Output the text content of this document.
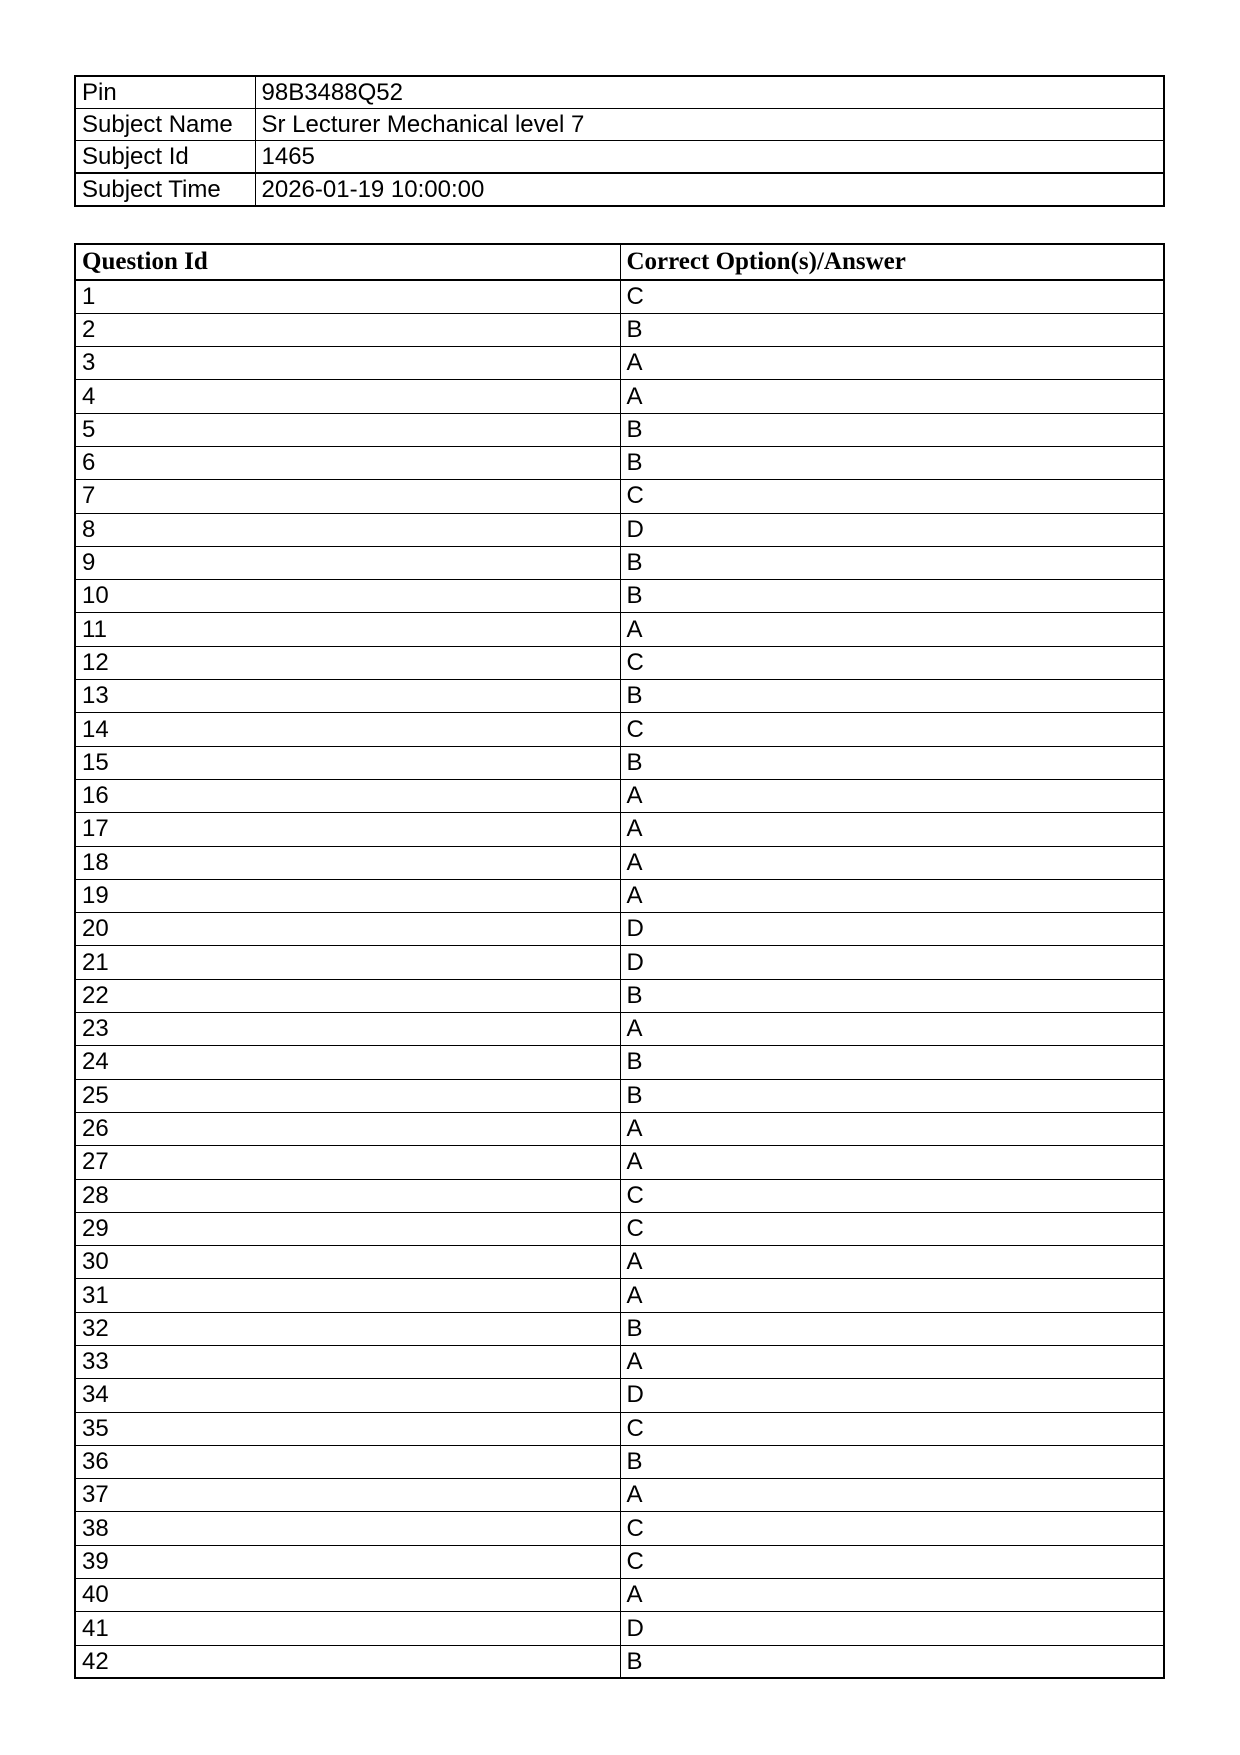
Pin	98B3488Q52
Subject Name	Sr Lecturer Mechanical level 7
Subject Id	1465
Subject Time	2026-01-19 10:00:00
Question Id	Correct Option(s)/Answer
1	C
2	B
3	A
4	A
5	B
6	B
7	C
8	D
9	B
10	B
11	A
12	C
13	B
14	C
15	B
16	A
17	A
18	A
19	A
20	D
21	D
22	B
23	A
24	B
25	B
26	A
27	A
28	C
29	C
30	A
31	A
32	B
33	A
34	D
35	C
36	B
37	A
38	C
39	C
40	A
41	D
42	B
